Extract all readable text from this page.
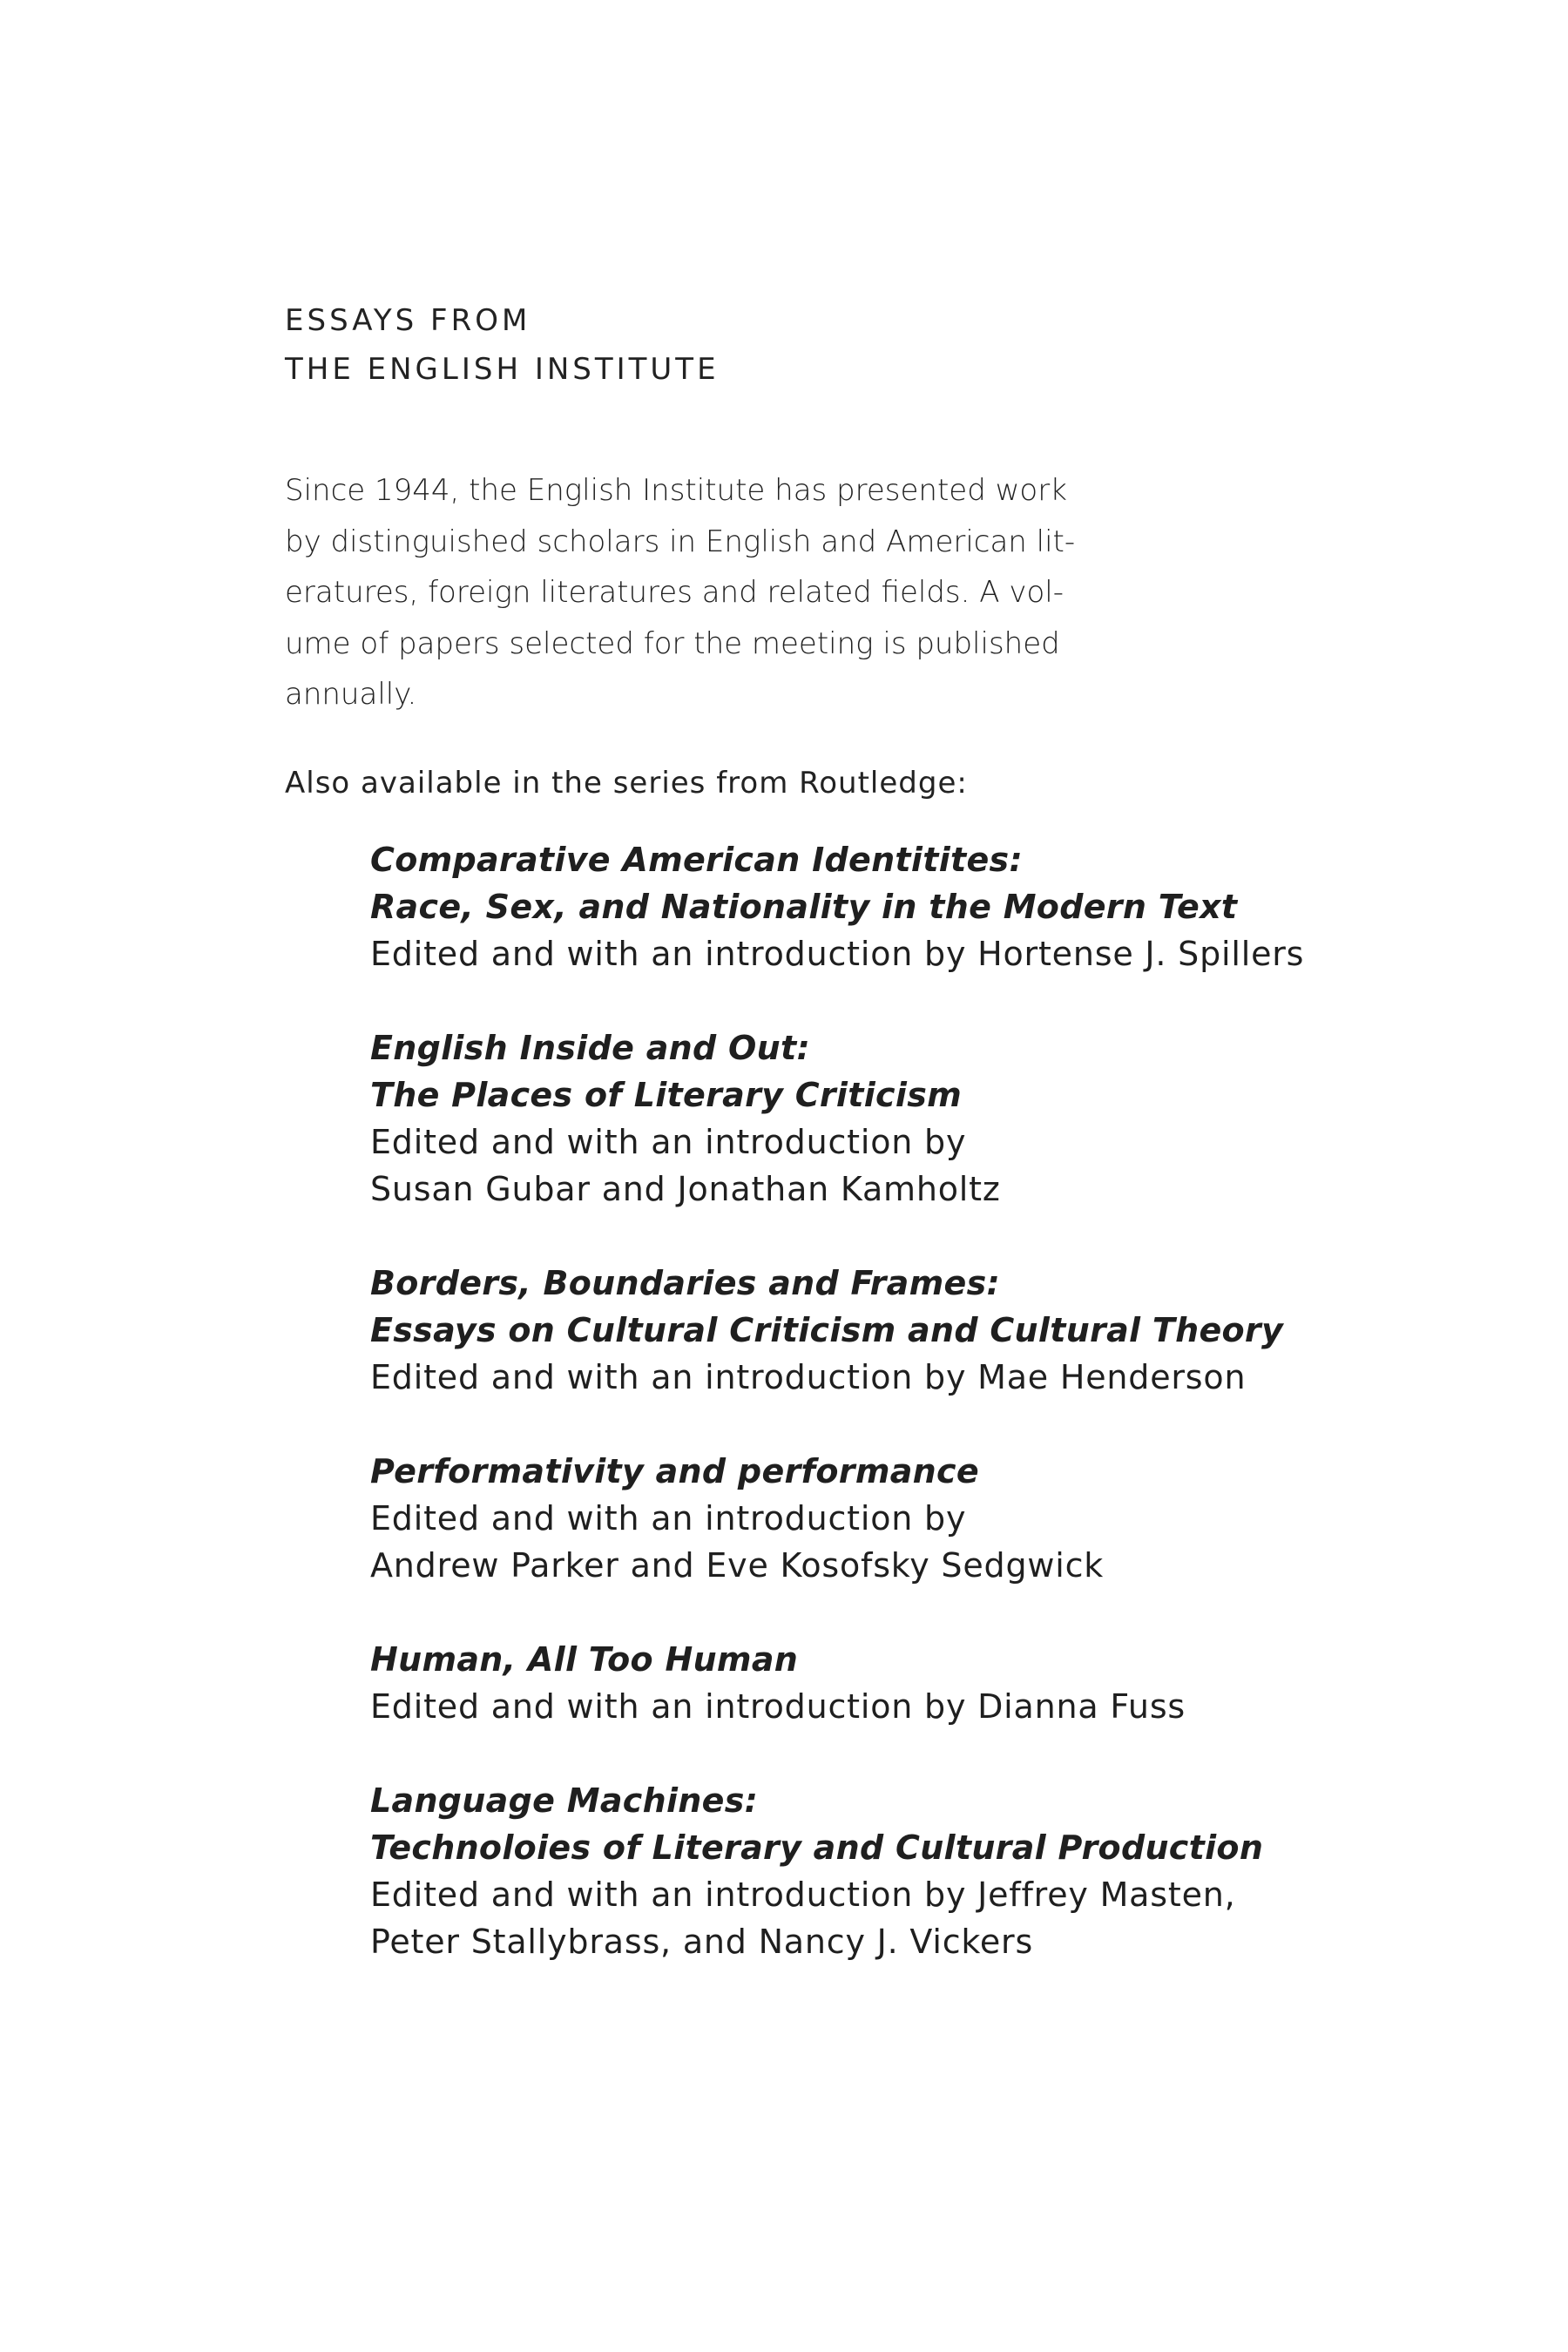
ESSAYS FROM
THE ENGLISH INSTITUTE

Since 1944, the English Institute has presented work
by distinguished scholars in English and American lit-
eratures, foreign literatures and related fields. A vol-
ume of papers selected for the meeting is published
annually.

Also available in the series from Routledge:

Comparative American Identitites:
Race, Sex, and Nationality in the Modern Text
Edited and with an introduction by Hortense J. Spillers
English Inside and Out:
The Places of Literary Criticism
Edited and with an introduction by
Susan Gubar and Jonathan Kamholtz
Borders, Boundaries and Frames:
Essays on Cultural Criticism and Cultural Theory
Edited and with an introduction by Mae Henderson
Performativity and performance
Edited and with an introduction by
Andrew Parker and Eve Kosofsky Sedgwick
Human, All Too Human
Edited and with an introduction by Dianna Fuss
Language Machines:
Technoloies of Literary and Cultural Production
Edited and with an introduction by Jeffrey Masten,
Peter Stallybrass, and Nancy J. Vickers
